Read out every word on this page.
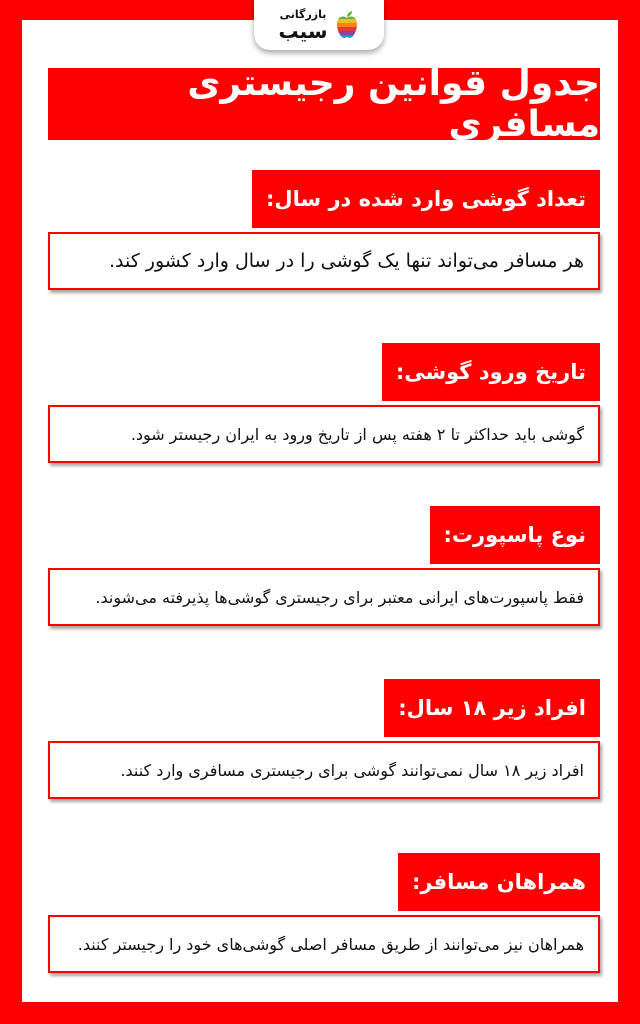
بازرگانی
سیب
جدول قوانین رجیستری مسافری
تعداد گوشی وارد شده در سال:
هر مسافر می‌تواند تنها یک گوشی را در سال وارد کشور کند.
تاریخ ورود گوشی:
گوشی باید حداکثر تا ۲ هفته پس از تاریخ ورود به ایران رجیستر شود.
نوع پاسپورت:
فقط پاسپورت‌های ایرانی معتبر برای رجیستری گوشی‌ها پذیرفته می‌شوند.
افراد زیر ۱۸ سال:
افراد زیر ۱۸ سال نمی‌توانند گوشی برای رجیستری مسافری وارد کنند.
همراهان مسافر:
همراهان نیز می‌توانند از طریق مسافر اصلی گوشی‌های خود را رجیستر کنند.
